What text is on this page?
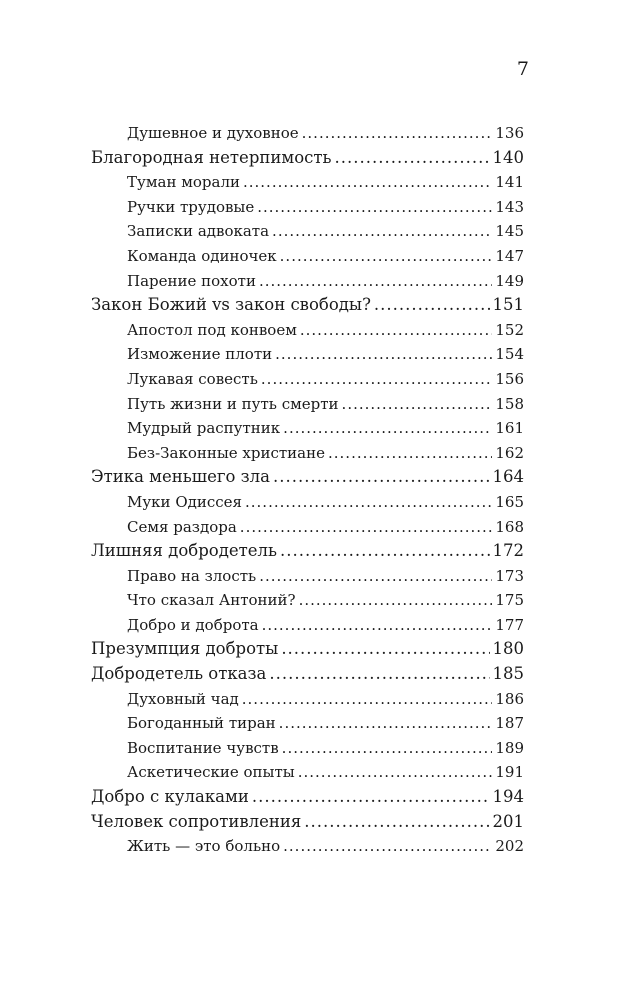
7
Душевное и духовное .....	136
Благородная нетерпимость .....	140
Туман морали .....	141
Ручки трудовые .....	143
Записки адвоката .....	145
Команда одиночек .....	147
Парение похоти .....	149
Закон Божий vs закон свободы? .....	151
Апостол под конвоем .....	152
Изможение плоти .....	154
Лукавая совесть .....	156
Путь жизни и путь смерти .....	158
Мудрый распутник .....	161
Без-Законные христиане .....	162
Этика меньшего зла .....	164
Муки Одиссея .....	165
Семя раздора .....	168
Лишняя добродетель .....	172
Право на злость .....	173
Что сказал Антоний? .....	175
Добро и доброта .....	177
Презумпция доброты .....	180
Добродетель отказа .....	185
Духовный чад .....	186
Богоданный тиран .....	187
Воспитание чувств .....	189
Аскетические опыты .....	191
Добро с кулаками .....	194
Человек сопротивления .....	201
Жить — это больно .....	202
